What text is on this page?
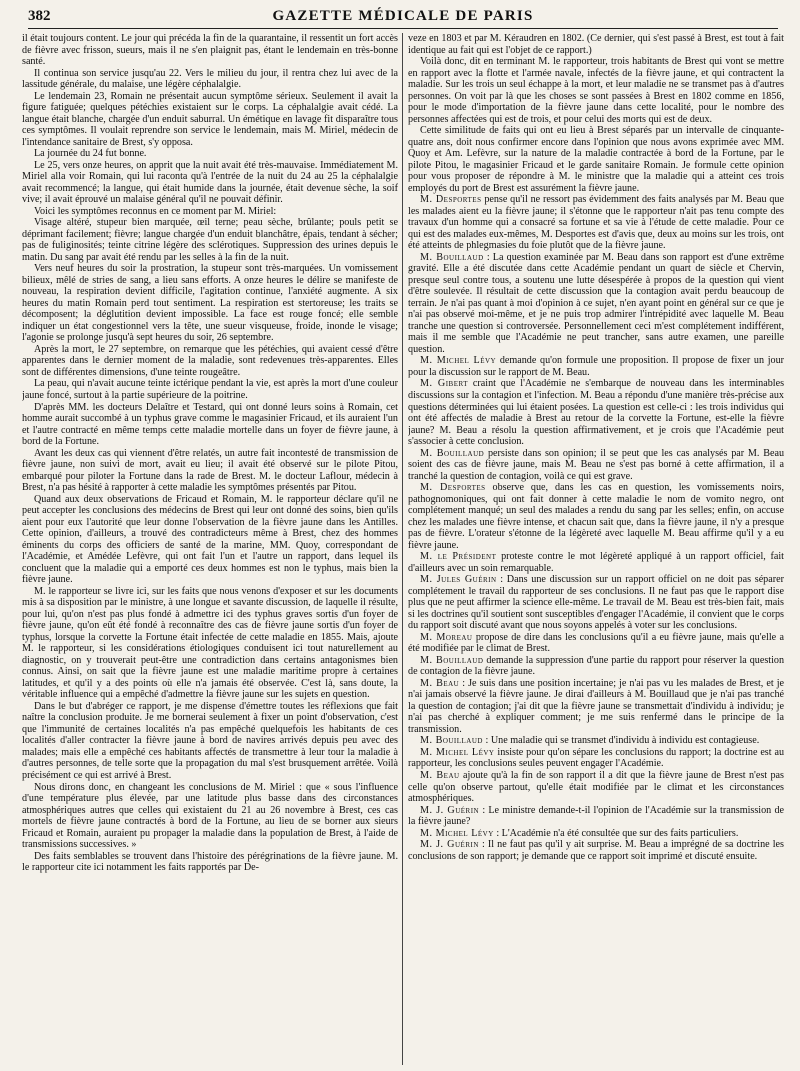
382	GAZETTE MÉDICALE DE PARIS

il était toujours content. Le jour qui précéda la fin de la quarantaine, il ressentit un fort accès de fièvre avec frisson, sueurs, mais il ne s'en plaignit pas, étant le lendemain en très-bonne santé.

Il continua son service jusqu'au 22. Vers le milieu du jour, il rentra chez lui avec de la lassitude générale, du malaise, une légère céphalalgie.

Le lendemain 23, Romain ne présentait aucun symptôme sérieux. Seulement il avait la figure fatiguée; quelques pétéchies existaient sur le corps. La céphalalgie avait cédé. La langue était blanche, chargée d'un enduit saburral. Un émétique en lavage fit disparaître tous ces symptômes. Il voulait reprendre son service le lendemain, mais M. Miriel, médecin de l'intendance sanitaire de Brest, s'y opposa.

La journée du 24 fut bonne.

Le 25, vers onze heures, on apprit que la nuit avait été très-mauvaise. Immédiatement M. Miriel alla voir Romain, qui lui raconta qu'à l'entrée de la nuit du 24 au 25 la céphalalgie avait recommencé; la langue, qui était humide dans la journée, était devenue sèche, la soif vive; il avait éprouvé un malaise général qu'il ne pouvait définir.

Voici les symptômes reconnus en ce moment par M. Miriel:

Visage altéré, stupeur bien marquée, œil terne; peau sèche, brûlante; pouls petit se déprimant facilement; fièvre; langue chargée d'un enduit blanchâtre, épais, tendant à sécher; pas de fuliginosités; teinte citrine légère des sclérotiques. Suppression des urines depuis le matin. Du sang par avait été rendu par les selles à la fin de la nuit.

Vers neuf heures du soir la prostration, la stupeur sont très-marquées. Un vomissement bilieux, mêlé de stries de sang, a lieu sans efforts. A onze heures le délire se manifeste de nouveau, la respiration devient difficile, l'agitation continue, l'anxiété augmente. A six heures du matin Romain perd tout sentiment. La respiration est stertoreuse; les traits se décomposent; la déglutition devient impossible. La face est rouge foncé; elle semble indiquer un état congestionnel vers la tête, une sueur visqueuse, froide, inonde le visage; l'agonie se prolonge jusqu'à sept heures du soir, 26 septembre.

Après la mort, le 27 septembre, on remarque que les pétéchies, qui avaient cessé d'être apparentes dans le dernier moment de la maladie, sont redevenues très-apparentes. Elles sont de différentes dimensions, d'une teinte rougeâtre.

La peau, qui n'avait aucune teinte ictérique pendant la vie, est après la mort d'une couleur jaune foncé, surtout à la partie supérieure de la poitrine.

D'après MM. les docteurs Delaître et Testard, qui ont donné leurs soins à Romain, cet homme aurait succombé à un typhus grave comme le magasinier Fricaud, et ils auraient l'un et l'autre contracté en même temps cette maladie mortelle dans un foyer de fièvre jaune, à bord de la Fortune.

Avant les deux cas qui viennent d'être relatés, un autre fait incontesté de transmission de fièvre jaune, non suivi de mort, avait eu lieu; il avait été observé sur le pilote Pitou, embarqué pour piloter la Fortune dans la rade de Brest. M. le docteur Laflour, médecin à Brest, n'a pas hésité à rapporter à cette maladie les symptômes présentés par Pitou.

Quand aux deux observations de Fricaud et Romain, M. le rapporteur déclare qu'il ne peut accepter les conclusions des médecins de Brest qui leur ont donné des soins, bien qu'ils aient pour eux l'autorité que leur donne l'observation de la fièvre jaune dans les Antilles. Cette opinion, d'ailleurs, a trouvé des contradicteurs même à Brest, chez des hommes éminents du corps des officiers de santé de la marine, MM. Quoy, correspondant de l'Académie, et Amédée Lefèvre, qui ont fait l'un et l'autre un rapport, dans lequel ils concluent que la maladie qui a emporté ces deux hommes est non le typhus, mais bien la fièvre jaune.

M. le rapporteur se livre ici, sur les faits que nous venons d'exposer et sur les documents mis à sa disposition par le ministre, à une longue et savante discussion, de laquelle il résulte, pour lui, qu'on n'est pas plus fondé à admettre ici des typhus graves sortis d'un foyer de fièvre jaune, qu'on eût été fondé à reconnaître des cas de fièvre jaune sortis d'un foyer de typhus, lorsque la corvette la Fortune était infectée de cette maladie en 1855. Mais, ajoute M. le rapporteur, si les considérations étiologiques conduisent ici tout naturellement au diagnostic, on y trouverait peut-être une contradiction dans certains antagonismes bien connus. Ainsi, on sait que la fièvre jaune est une maladie maritime propre à certaines latitudes, et qu'il y a des points où elle n'a jamais été observée. C'est là, sans doute, la véritable influence qui a empêché d'admettre la fièvre jaune sur les sujets en question.

Dans le but d'abréger ce rapport, je me dispense d'émettre toutes les réflexions que fait naître la conclusion produite. Je me bornerai seulement à fixer un point d'observation, c'est que l'immunité de certaines localités n'a pas empêché quelquefois les habitants de ces localités d'aller contracter la fièvre jaune à bord de navires arrivés depuis peu avec des malades; mais elle a empêché ces habitants affectés de transmettre à leur tour la maladie à d'autres personnes, de telle sorte que la propagation du mal s'est brusquement arrêtée. Voilà précisément ce qui est arrivé à Brest.

Nous dirons donc, en changeant les conclusions de M. Miriel : que « sous l'influence d'une température plus élevée, par une latitude plus basse dans des circonstances atmosphériques autres que celles qui existaient du 21 au 26 novembre à Brest, ces cas mortels de fièvre jaune contractés à bord de la Fortune, au lieu de se borner aux sieurs Fricaud et Romain, auraient pu propager la maladie dans la population de Brest, à l'aide de transmissions successives. »

Des faits semblables se trouvent dans l'histoire des pérégrinations de la fièvre jaune. M. le rapporteur cite ici notamment les faits rapportés par De-

veze en 1803 et par M. Kéraudren en 1802. (Ce dernier, qui s'est passé à Brest, est tout à fait identique au fait qui est l'objet de ce rapport.)

Voilà donc, dit en terminant M. le rapporteur, trois habitants de Brest qui vont se mettre en rapport avec la flotte et l'armée navale, infectés de la fièvre jaune, et qui contractent la maladie. Sur les trois un seul échappe à la mort, et leur maladie ne se transmet pas à d'autres personnes. On voit par là que les choses se sont passées à Brest en 1802 comme en 1856, pour le mode d'importation de la fièvre jaune dans cette localité, pour le nombre des personnes affectées qui est de trois, et pour celui des morts qui est de deux.

Cette similitude de faits qui ont eu lieu à Brest séparés par un intervalle de cinquante-quatre ans, doit nous confirmer encore dans l'opinion que nous avons exprimée avec MM. Quoy et Am. Lefèvre, sur la nature de la maladie contractée à bord de la Fortune, par le pilote Pitou, le magasinier Fricaud et le garde sanitaire Romain. Je formule cette opinion pour vous proposer de répondre à M. le ministre que la maladie qui a atteint ces trois employés du port de Brest est assurément la fièvre jaune.

M. Desportes pense qu'il ne ressort pas évidemment des faits analysés par M. Beau que les malades aient eu la fièvre jaune; il s'étonne que le rapporteur n'ait pas tenu compte des travaux d'un homme qui a consacré sa fortune et sa vie à l'étude de cette maladie. Pour ce qui est des malades eux-mêmes, M. Desportes est d'avis que, deux au moins sur les trois, ont été atteints de phlegmasies du foie plutôt que de la fièvre jaune.

M. Bouillaud : La question examinée par M. Beau dans son rapport est d'une extrême gravité. Elle a été discutée dans cette Académie pendant un quart de siècle et Chervin, presque seul contre tous, a soutenu une lutte désespérée à propos de la question qui vient d'être soulevée. Il résultait de cette discussion que la contagion avait perdu beaucoup de terrain. Je n'ai pas quant à moi d'opinion à ce sujet, n'en ayant point en général sur ce que je n'ai pas observé moi-même, et je ne puis trop admirer l'intrépidité avec laquelle M. Beau tranche une question si controversée. Personnellement ceci m'est complétement indifférent, mais il me semble que l'Académie ne peut trancher, sans autre examen, une pareille question.

M. Michel Lévy demande qu'on formule une proposition. Il propose de fixer un jour pour la discussion sur le rapport de M. Beau.

M. Gibert craint que l'Académie ne s'embarque de nouveau dans les interminables discussions sur la contagion et l'infection. M. Beau a répondu d'une manière très-précise aux questions déterminées qui lui étaient posées. La question est celle-ci : les trois individus qui ont été affectés de maladie à Brest au retour de la corvette la Fortune, est-elle la fièvre jaune? M. Beau a résolu la question affirmativement, et je crois que l'Académie peut s'associer à cette conclusion.

M. Bouillaud persiste dans son opinion; il se peut que les cas analysés par M. Beau soient des cas de fièvre jaune, mais M. Beau ne s'est pas borné à cette affirmation, il a tranché la question de contagion, voilà ce qui est grave.

M. Desportes observe que, dans les cas en question, les vomissements noirs, pathognomoniques, qui ont fait donner à cette maladie le nom de vomito negro, ont complétement manqué; un seul des malades a rendu du sang par les selles; enfin, on accuse chez les malades une fièvre intense, et chacun sait que, dans la fièvre jaune, il n'y a presque pas de fièvre. L'orateur s'étonne de la légèreté avec laquelle M. Beau affirme qu'il y a eu fièvre jaune.

M. le Président proteste contre le mot légèreté appliqué à un rapport officiel, fait d'ailleurs avec un soin remarquable.

M. Jules Guérin : Dans une discussion sur un rapport officiel on ne doit pas séparer complétement le travail du rapporteur de ses conclusions. Il ne faut pas que le rapport dise plus que ne peut affirmer la science elle-même. Le travail de M. Beau est très-bien fait, mais si les doctrines qu'il soutient sont susceptibles d'engager l'Académie, il convient que le corps du rapport soit discuté avant que nous soyons appelés à voter sur les conclusions.

M. Moreau propose de dire dans les conclusions qu'il a eu fièvre jaune, mais qu'elle a été modifiée par le climat de Brest.

M. Bouillaud demande la suppression d'une partie du rapport pour réserver la question de contagion de la fièvre jaune.

M. Beau : Je suis dans une position incertaine; je n'ai pas vu les malades de Brest, et je n'ai jamais observé la fièvre jaune. Je dirai d'ailleurs à M. Bouillaud que je n'ai pas tranché la question de contagion; j'ai dit que la fièvre jaune se transmettait d'individu à individu; je n'ai pas cherché à expliquer comment; je me suis renfermé dans le principe de la transmission.

M. Bouillaud : Une maladie qui se transmet d'individu à individu est contagieuse.

M. Michel Lévy insiste pour qu'on sépare les conclusions du rapport; la doctrine est au rapporteur, les conclusions seules peuvent engager l'Académie.

M. Beau ajoute qu'à la fin de son rapport il a dit que la fièvre jaune de Brest n'est pas celle qu'on observe partout, qu'elle était modifiée par le climat et les circonstances atmosphériques.

M. J. Guérin : Le ministre demande-t-il l'opinion de l'Académie sur la transmission de la fièvre jaune?

M. Michel Lévy : L'Académie n'a été consultée que sur des faits particuliers.

M. J. Guérin : Il ne faut pas qu'il y ait surprise. M. Beau a imprégné de sa doctrine les conclusions de son rapport; je demande que ce rapport soit imprimé et discuté ensuite.
